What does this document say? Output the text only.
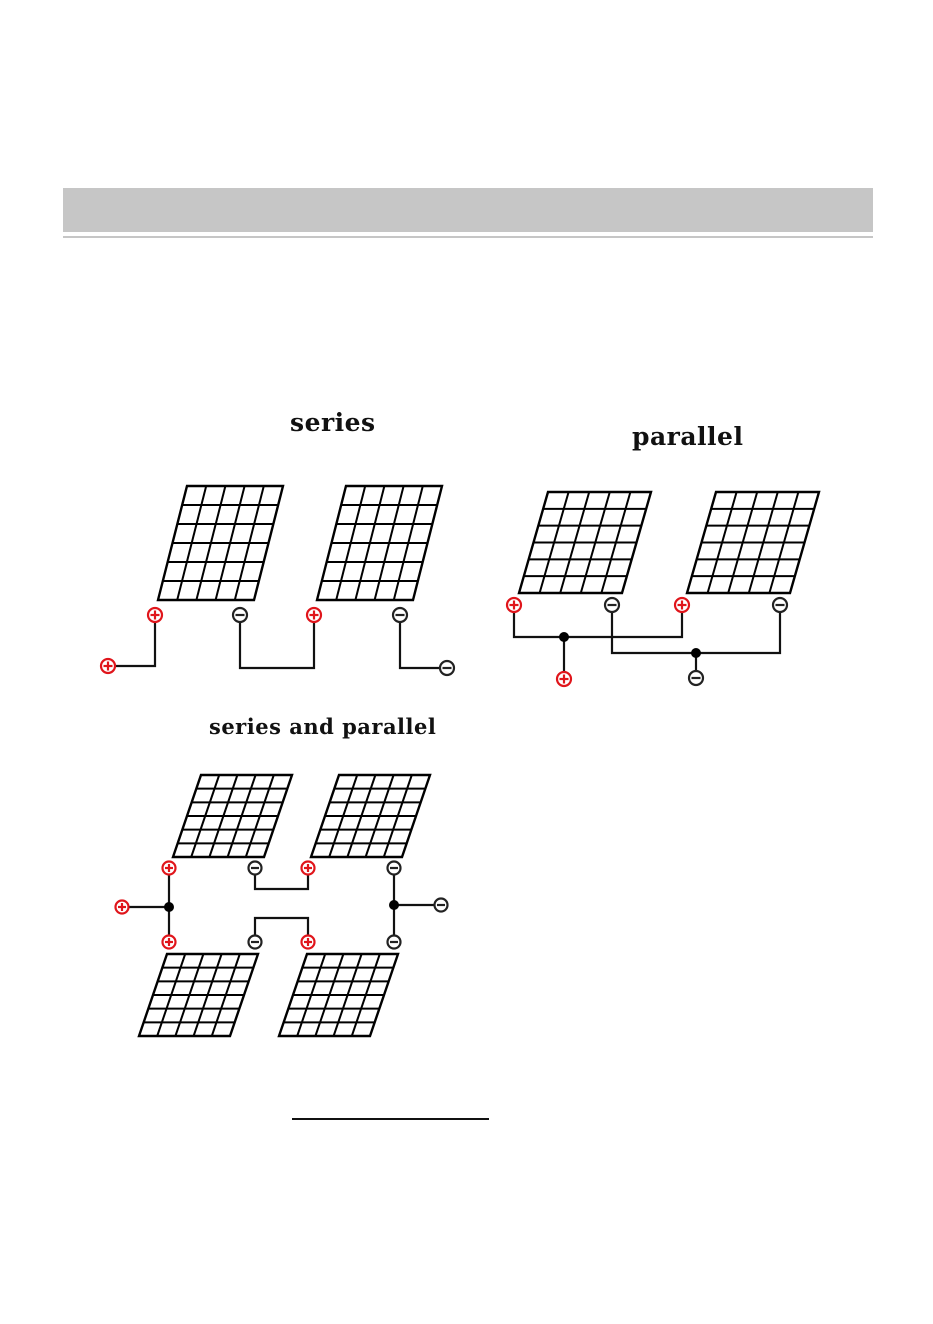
series	parallel
series and parallel
